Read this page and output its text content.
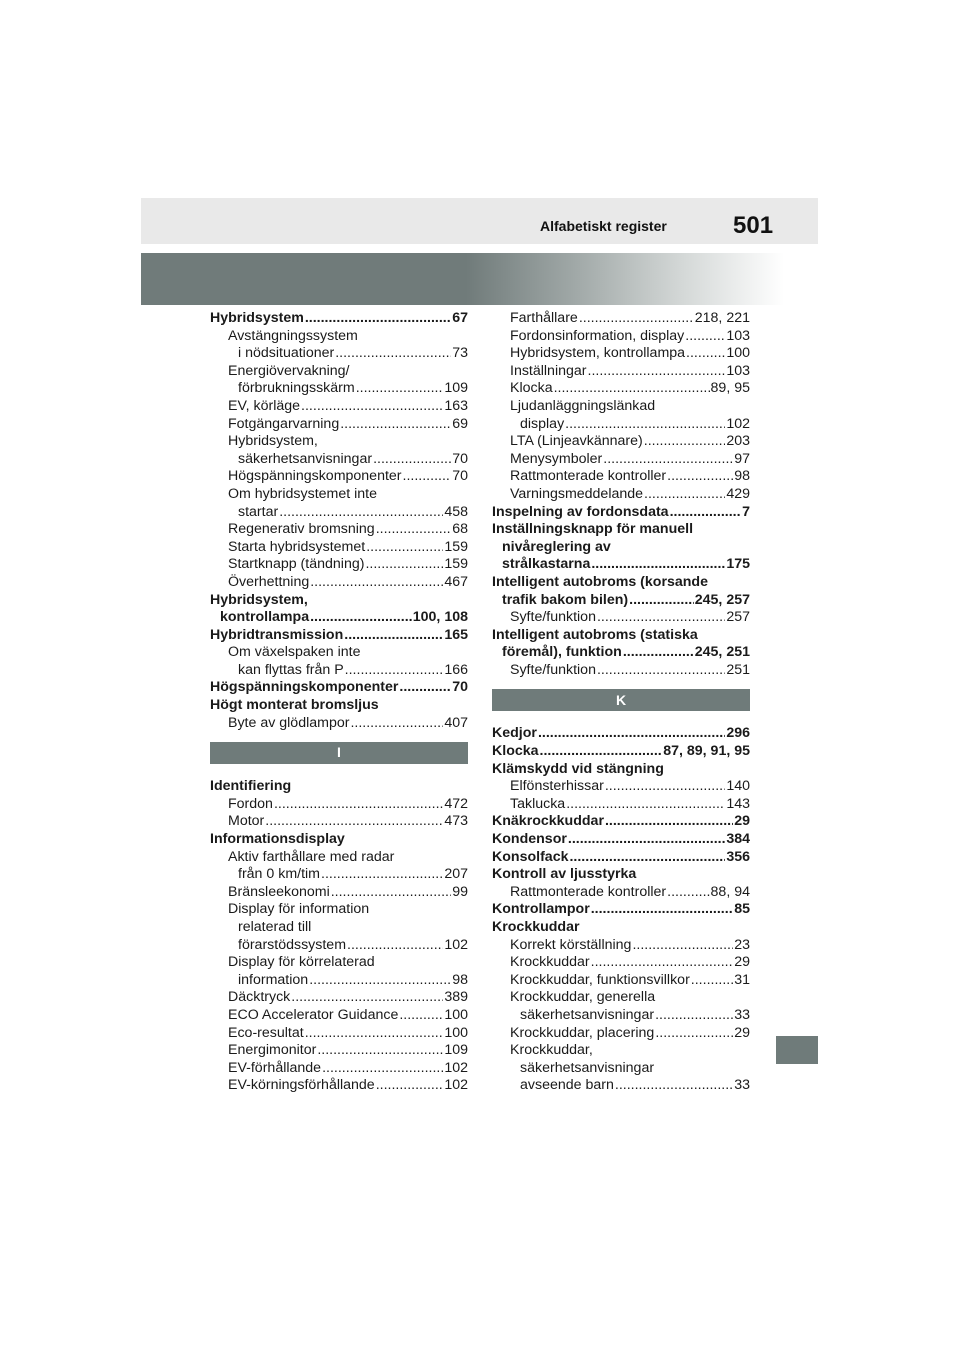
Alfabetiskt register	501
Hybridsystem .....	67
Avstängningssystem
i nödsituationer .....	73
Energiövervakning/
förbrukningsskärm .....	109
EV, körläge .....	163
Fotgängarvarning .....	69
Hybridsystem,
säkerhetsanvisningar .....	70
Högspänningskomponenter .....	70
Om hybridsystemet inte
startar .....	458
Regenerativ bromsning .....	68
Starta hybridsystemet .....	159
Startknapp (tändning) .....	159
Överhettning .....	467
Hybridsystem,
kontrollampa .....	100, 108
Hybridtransmission .....	165
Om växelspaken inte
kan flyttas från P .....	166
Högspänningskomponenter .....	70
Högt monterat bromsljus
Byte av glödlampor .....	407
I
Identifiering
Fordon .....	472
Motor .....	473
Informationsdisplay
Aktiv farthållare med radar
från 0 km/tim .....	207
Bränsleekonomi .....	99
Display för information
relaterad till
förarstödssystem .....	102
Display för körrelaterad
information .....	98
Däcktryck .....	389
ECO Accelerator Guidance .....	100
Eco-resultat .....	100
Energimonitor .....	109
EV-förhållande .....	102
EV-körningsförhållande .....	102
Farthållare .....	218, 221
Fordonsinformation, display .....	103
Hybridsystem, kontrollampa .....	100
Inställningar .....	103
Klocka .....	89, 95
Ljudanläggningslänkad
display .....	102
LTA (Linjeavkännare) .....	203
Menysymboler .....	97
Rattmonterade kontroller .....	98
Varningsmeddelande .....	429
Inspelning av fordonsdata .....	7
Inställningsknapp för manuell
nivåreglering av
strålkastarna .....	175
Intelligent autobroms (korsande
trafik bakom bilen) .....	245, 257
Syfte/funktion .....	257
Intelligent autobroms (statiska
föremål), funktion .....	245, 251
Syfte/funktion .....	251
K
Kedjor .....	296
Klocka .....	87, 89, 91, 95
Klämskydd vid stängning
Elfönsterhissar .....	140
Taklucka .....	143
Knäkrockkuddar .....	29
Kondensor .....	384
Konsolfack .....	356
Kontroll av ljusstyrka
Rattmonterade kontroller .....	88, 94
Kontrollampor .....	85
Krockkuddar
Korrekt körställning .....	23
Krockkuddar .....	29
Krockkuddar, funktionsvillkor .....	31
Krockkuddar, generella
säkerhetsanvisningar .....	33
Krockkuddar, placering .....	29
Krockkuddar,
säkerhetsanvisningar
avseende barn .....	33
